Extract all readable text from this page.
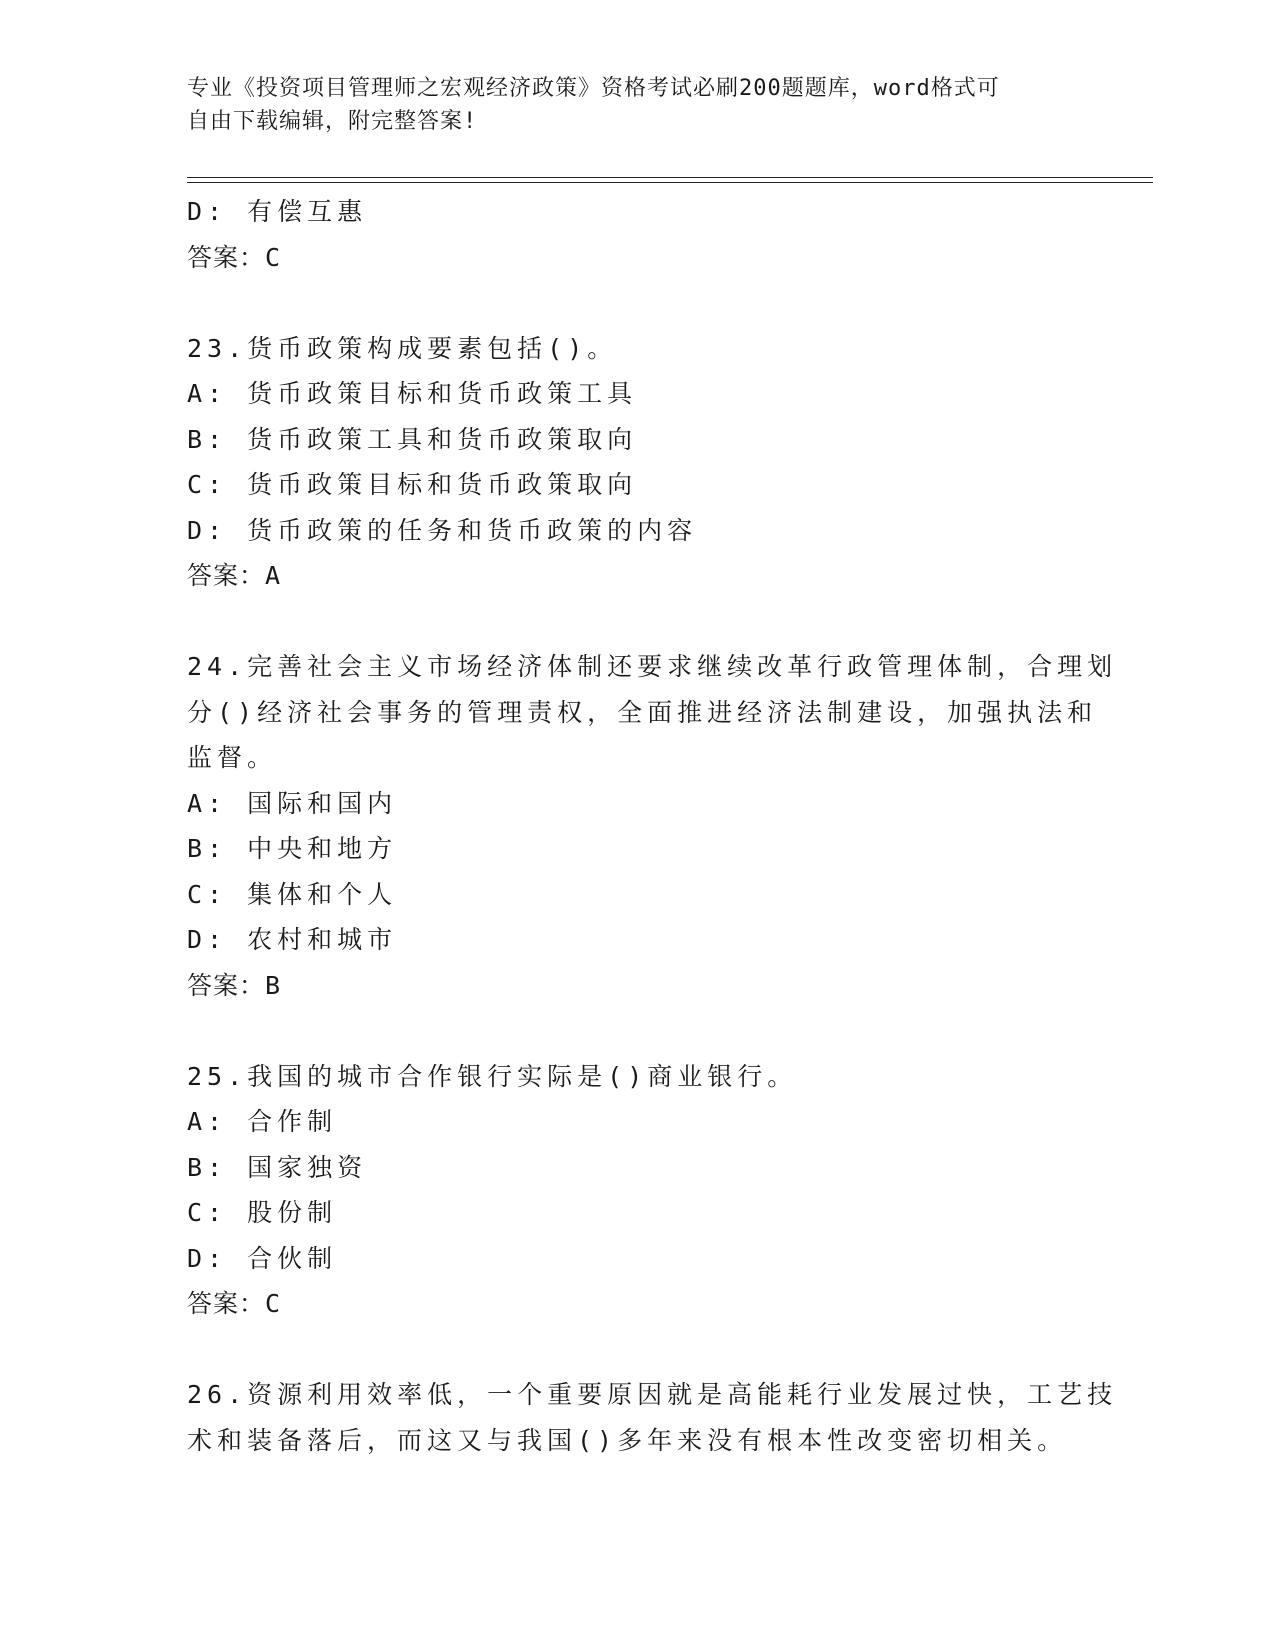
专业《投资项目管理师之宏观经济政策》资格考试必刷200题题库，word格式可
自由下载编辑，附完整答案!
D: 有偿互惠
答案：C
23.货币政策构成要素包括()。
A: 货币政策目标和货币政策工具
B: 货币政策工具和货币政策取向
C: 货币政策目标和货币政策取向
D: 货币政策的任务和货币政策的内容
答案：A
24.完善社会主义市场经济体制还要求继续改革行政管理体制，合理划
分()经济社会事务的管理责权，全面推进经济法制建设，加强执法和
监督。
A: 国际和国内
B: 中央和地方
C: 集体和个人
D: 农村和城市
答案：B
25.我国的城市合作银行实际是()商业银行。
A: 合作制
B: 国家独资
C: 股份制
D: 合伙制
答案：C
26.资源利用效率低，一个重要原因就是高能耗行业发展过快，工艺技
术和装备落后，而这又与我国()多年来没有根本性改变密切相关。
